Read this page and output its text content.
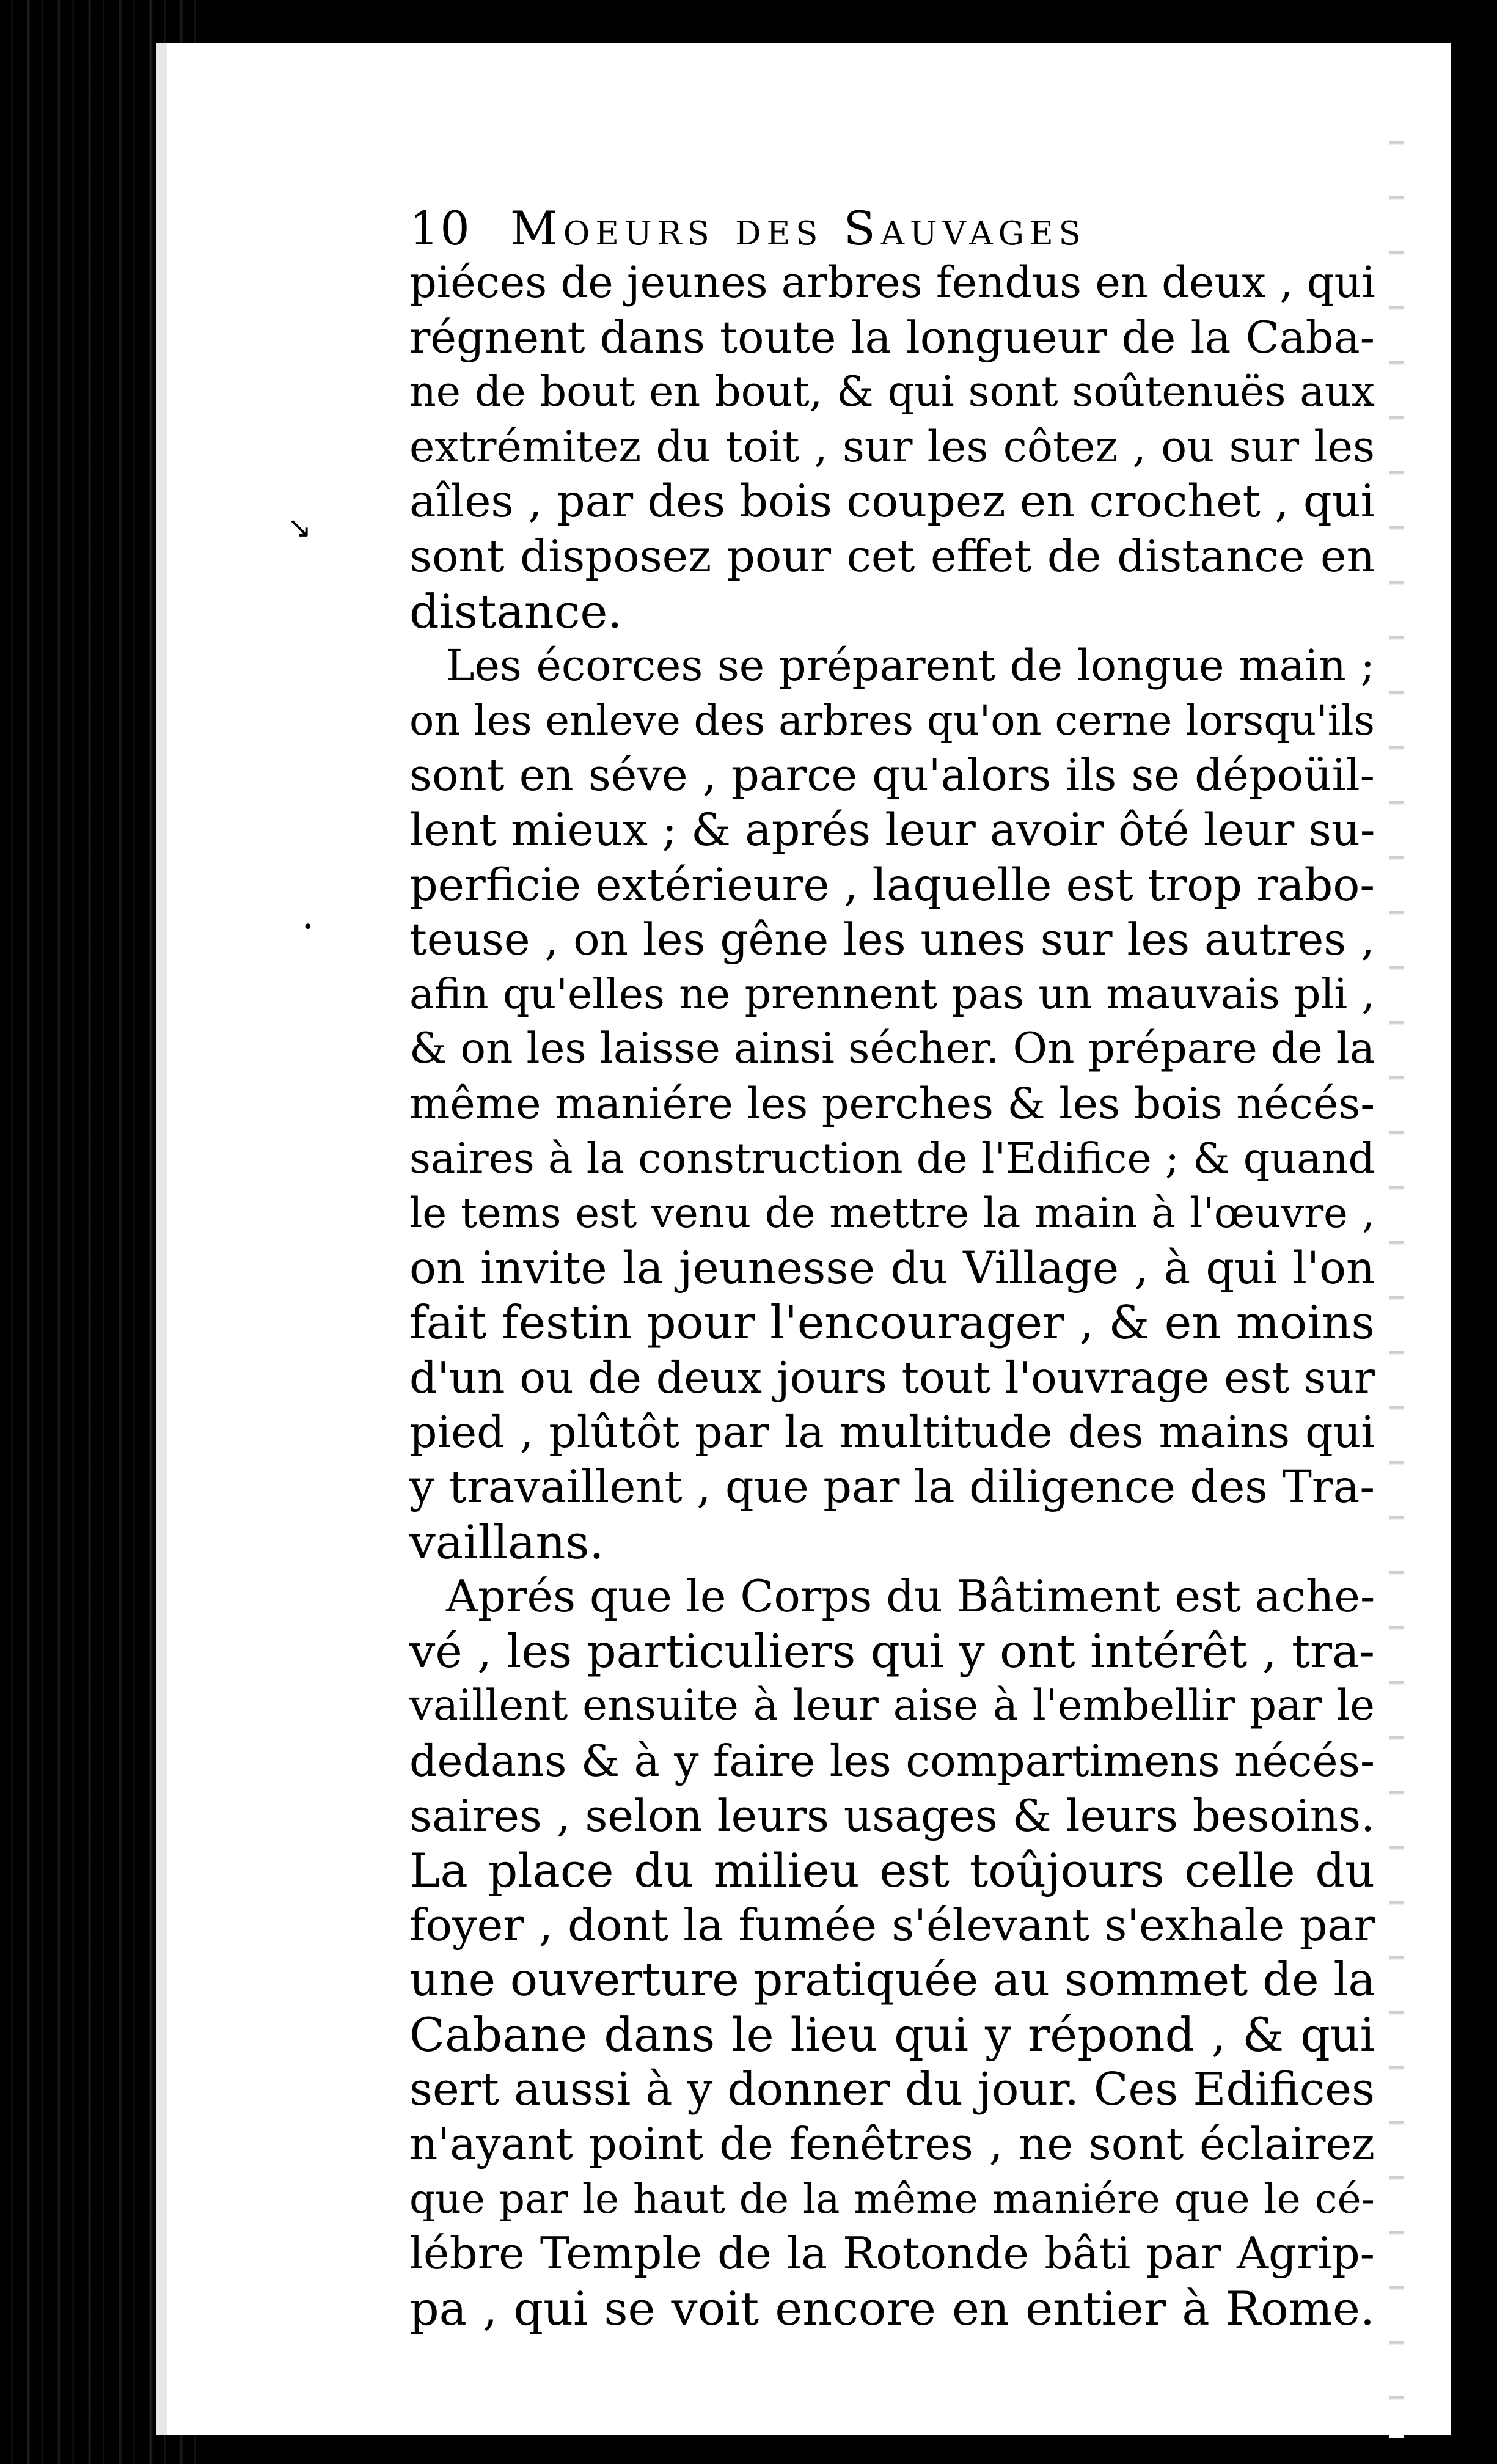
↘
•
10 Moeurs des Sauvages
piéces de jeunes arbres fendus en deux , qui
régnent dans toute la longueur de la Caba-
ne de bout en bout, & qui sont soûtenuës aux
extrémitez du toit , sur les côtez , ou sur les
aîles , par des bois coupez en crochet , qui
sont disposez pour cet effet de distance en
distance.
Les écorces se préparent de longue main ;
on les enleve des arbres qu'on cerne lorsqu'ils
sont en séve , parce qu'alors ils se dépoüil-
lent mieux ; & aprés leur avoir ôté leur su-
perficie extérieure , laquelle est trop rabo-
teuse , on les gêne les unes sur les autres ,
afin qu'elles ne prennent pas un mauvais pli ,
& on les laisse ainsi sécher. On prépare de la
même maniére les perches & les bois nécés-
saires à la construction de l'Edifice ; & quand
le tems est venu de mettre la main à l'œuvre ,
on invite la jeunesse du Village , à qui l'on
fait festin pour l'encourager , & en moins
d'un ou de deux jours tout l'ouvrage est sur
pied , plûtôt par la multitude des mains qui
y travaillent , que par la diligence des Tra-
vaillans.
Aprés que le Corps du Bâtiment est ache-
vé , les particuliers qui y ont intérêt , tra-
vaillent ensuite à leur aise à l'embellir par le
dedans & à y faire les compartimens nécés-
saires , selon leurs usages & leurs besoins.
La place du milieu est toûjours celle du
foyer , dont la fumée s'élevant s'exhale par
une ouverture pratiquée au sommet de la
Cabane dans le lieu qui y répond , & qui
sert aussi à y donner du jour. Ces Edifices
n'ayant point de fenêtres , ne sont éclairez
que par le haut de la même maniére que le cé-
lébre Temple de la Rotonde bâti par Agrip-
pa , qui se voit encore en entier à Rome.
